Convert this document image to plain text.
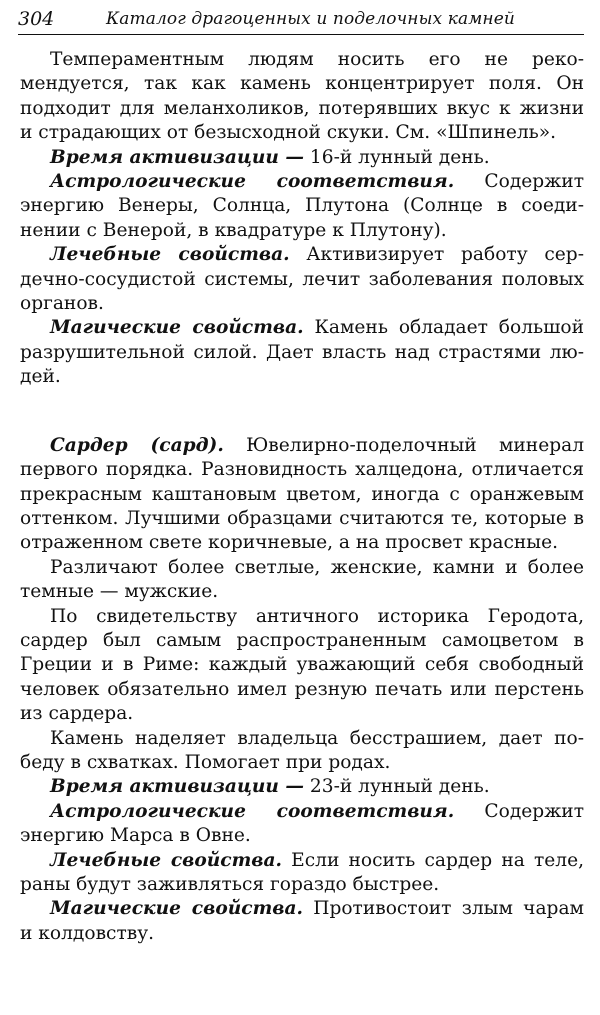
304	Каталог драгоценных и поделочных камней

Темпераментным людям носить его не рекомендуется, так как камень концентрирует поля. Он подходит для меланхоликов, потерявших вкус к жизни и страдающих от безысходной скуки. См. «Шпинель».

Время активизации — 16-й лунный день.

Астрологические соответствия. Содержит энергию Венеры, Солнца, Плутона (Солнце в соединении с Венерой, в квадратуре к Плутону).

Лечебные свойства. Активизирует работу сердечно-сосудистой системы, лечит заболевания половых органов.

Магические свойства. Камень обладает большой разрушительной силой. Дает власть над страстями людей.

Сардер (сард). Ювелирно-поделочный минерал первого порядка. Разновидность халцедона, отличается прекрасным каштановым цветом, иногда с оранжевым оттенком. Лучшими образцами считаются те, которые в отраженном свете коричневые, а на просвет красные.

Различают более светлые, женские, камни и более темные — мужские.

По свидетельству античного историка Геродота, сардер был самым распространенным самоцветом в Греции и в Риме: каждый уважающий себя свободный человек обязательно имел резную печать или перстень из сардера.

Камень наделяет владельца бесстрашием, дает победу в схватках. Помогает при родах.

Время активизации — 23-й лунный день.

Астрологические соответствия. Содержит энергию Марса в Овне.

Лечебные свойства. Если носить сардер на теле, раны будут заживляться гораздо быстрее.

Магические свойства. Противостоит злым чарам и колдовству.
